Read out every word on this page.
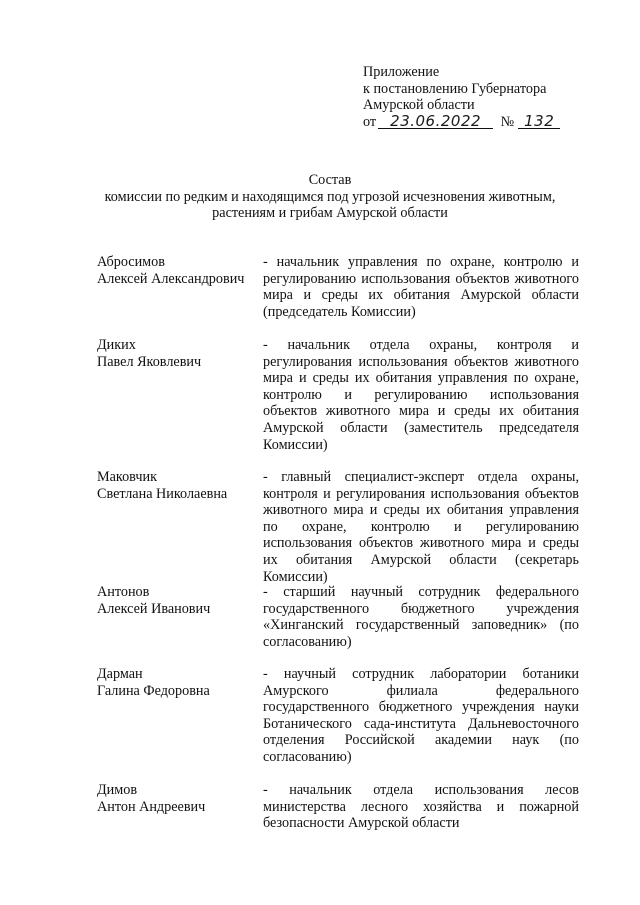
Приложение
к постановлению Губернатора
Амурской области
от 23.06.2022 № 132
Состав
комиссии по редким и находящимся под угрозой исчезновения животным,
растениям и грибам Амурской области
Абросимов
Алексей Александрович
- начальник управления по охране, контролю и регулированию использования объектов животного мира и среды их обитания Амурской области (председатель Комиссии)
Диких
Павел Яковлевич
- начальник отдела охраны, контроля и регулирования использования объектов животного мира и среды их обитания управления по охране, контролю и регулированию использования объектов животного мира и среды их обитания Амурской области (заместитель председателя Комиссии)
Маковчик
Светлана Николаевна
- главный специалист-эксперт отдела охраны, контроля и регулирования использования объектов животного мира и среды их обитания управления по охране, контролю и регулированию использования объектов животного мира и среды их обитания Амурской области (секретарь Комиссии)
Антонов
Алексей Иванович
- старший научный сотрудник федерального государственного бюджетного учреждения «Хинганский государственный заповедник» (по согласованию)
Дарман
Галина Федоровна
- научный сотрудник лаборатории ботаники Амурского филиала федерального государственного бюджетного учреждения науки Ботанического сада-института Дальневосточного отделения Российской академии наук (по согласованию)
Димов
Антон Андреевич
- начальник отдела использования лесов министерства лесного хозяйства и пожарной безопасности Амурской области
